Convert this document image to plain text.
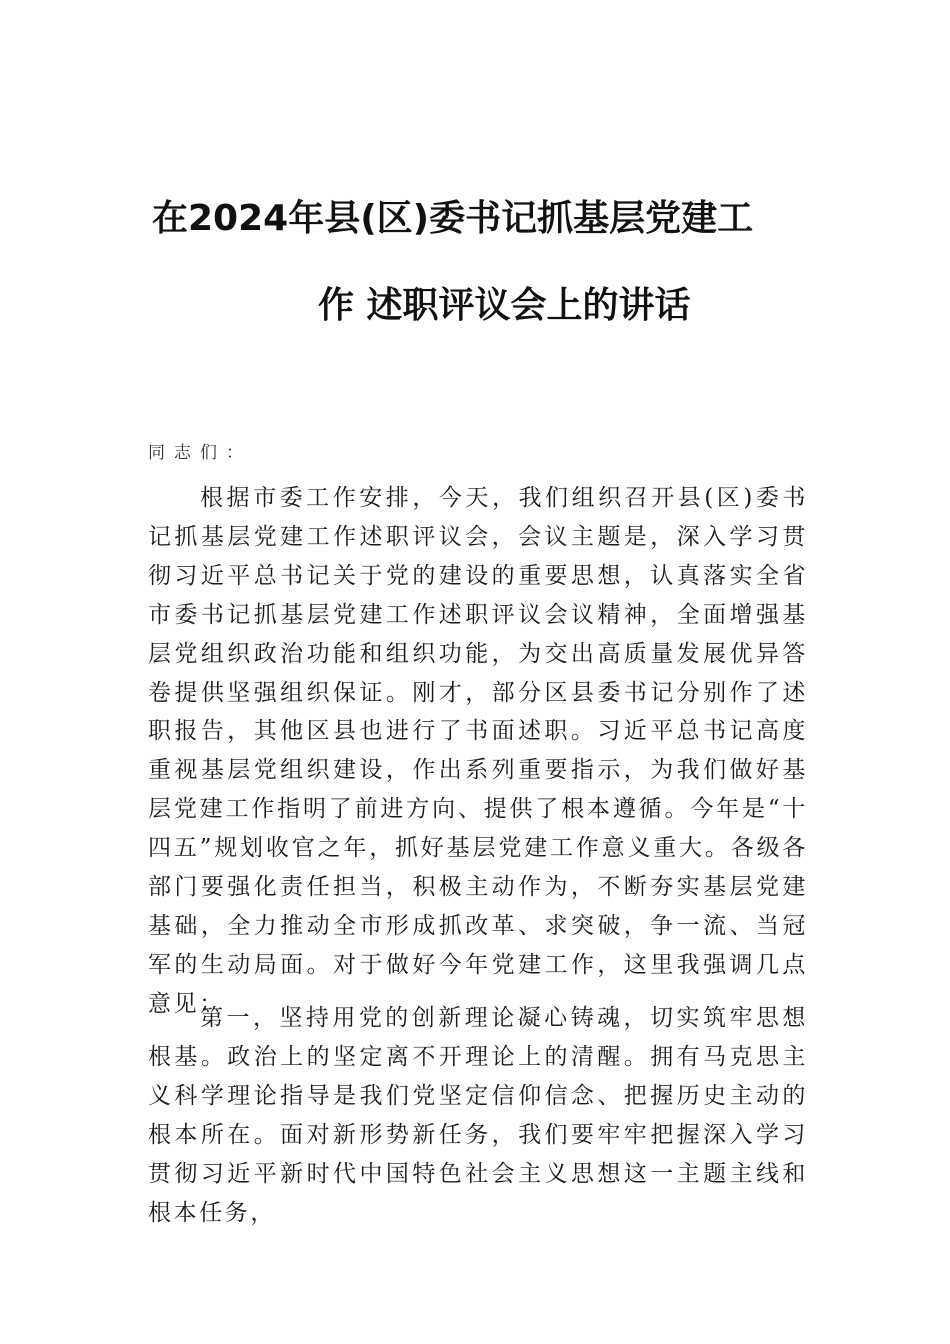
在2024年县(区)委书记抓基层党建工
作 述职评议会上的讲话

同志们：

根据市委工作安排，今天，我们组织召开县(区)委书记抓基层党建工作述职评议会，会议主题是，深入学习贯彻习近平总书记关于党的建设的重要思想，认真落实全省市委书记抓基层党建工作述职评议会议精神，全面增强基层党组织政治功能和组织功能，为交出高质量发展优异答卷提供坚强组织保证。刚才，部分区县委书记分别作了述职报告，其他区县也进行了书面述职。习近平总书记高度重视基层党组织建设，作出系列重要指示，为我们做好基层党建工作指明了前进方向、提供了根本遵循。今年是“十四五”规划收官之年，抓好基层党建工作意义重大。各级各部门要强化责任担当，积极主动作为，不断夯实基层党建基础，全力推动全市形成抓改革、求突破，争一流、当冠军的生动局面。对于做好今年党建工作，这里我强调几点意见：

第一，坚持用党的创新理论凝心铸魂，切实筑牢思想根基。政治上的坚定离不开理论上的清醒。拥有马克思主义科学理论指导是我们党坚定信仰信念、把握历史主动的根本所在。面对新形势新任务，我们要牢牢把握深入学习贯彻习近平新时代中国特色社会主义思想这一主题主线和根本任务，
